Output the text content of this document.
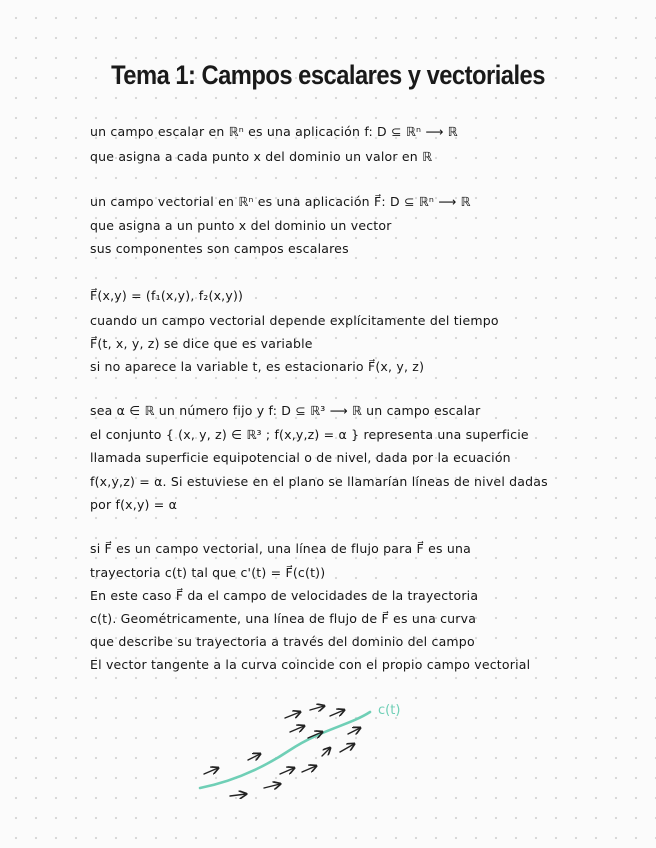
Tema 1: Campos escalares y vectoriales
un campo escalar en ℝⁿ es una aplicación f: D ⊆ ℝⁿ ⟶ ℝ
que asigna a cada punto x del dominio un valor en ℝ
un campo vectorial en ℝⁿ es una aplicación F⃗: D ⊆ ℝⁿ ⟶ ℝ
que asigna a un punto x del dominio un vector
sus componentes son campos escalares
F⃗(x,y) = (f₁(x,y), f₂(x,y))
cuando un campo vectorial depende explícitamente del tiempo
F⃗(t, x, y, z) se dice que es variable
si no aparece la variable t, es estacionario F⃗(x, y, z)
sea α ∈ ℝ un número fijo y f: D ⊆ ℝ³ ⟶ ℝ un campo escalar
el conjunto { (x, y, z) ∈ ℝ³ ; f(x,y,z) = α } representa una superficie
llamada superficie equipotencial o de nivel, dada por la ecuación
f(x,y,z) = α. Si estuviese en el plano se llamarían líneas de nivel dadas
por f(x,y) = α
si F⃗ es un campo vectorial, una línea de flujo para F⃗ es una
trayectoria c(t) tal que c'(t) = F⃗(c(t))
En este caso F⃗ da el campo de velocidades de la trayectoria
c(t). Geométricamente, una línea de flujo de F⃗ es una curva
que describe su trayectoria a través del dominio del campo
El vector tangente a la curva coincide con el propio campo vectorial
c(t)
